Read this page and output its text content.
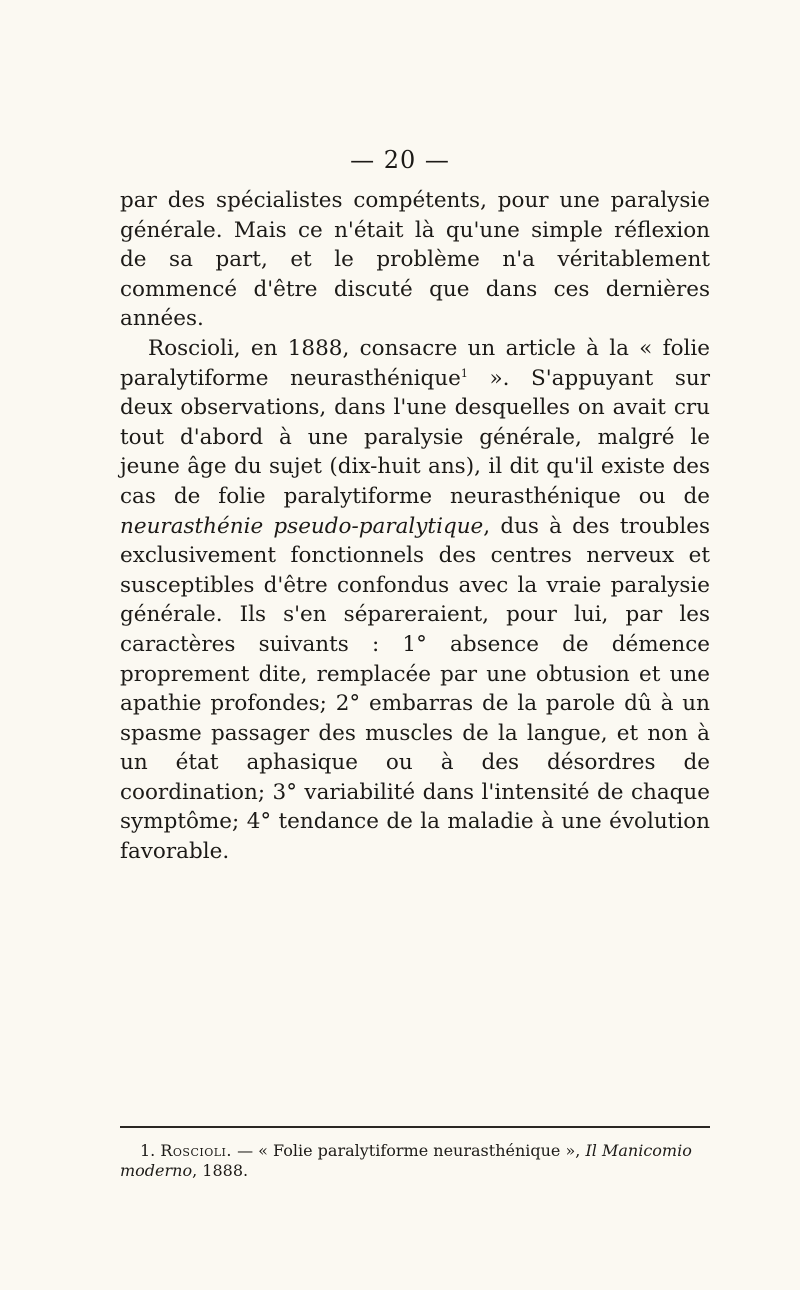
— 20 —

par des spécialistes compétents, pour une paralysie générale. Mais ce n'était là qu'une simple réflexion de sa part, et le problème n'a véritablement commencé d'être discuté que dans ces dernières années.

Roscioli, en 1888, consacre un article à la « folie paralytiforme neurasthénique$^1$ ». S'appuyant sur deux observations, dans l'une desquelles on avait cru tout d'abord à une paralysie générale, malgré le jeune âge du sujet (dix-huit ans), il dit qu'il existe des cas de folie paralytiforme neurasthénique ou de neurasthénie pseudo-paralytique, dus à des troubles exclusivement fonctionnels des centres nerveux et susceptibles d'être confondus avec la vraie paralysie générale. Ils s'en sépareraient, pour lui, par les caractères suivants : 1° absence de démence proprement dite, remplacée par une obtusion et une apathie profondes; 2° embarras de la parole dû à un spasme passager des muscles de la langue, et non à un état aphasique ou à des désordres de coordination; 3° variabilité dans l'intensité de chaque symptôme; 4° tendance de la maladie à une évolution favorable.

1. Roscioli. — « Folie paralytiforme neurasthénique », Il Manicomio moderno, 1888.
